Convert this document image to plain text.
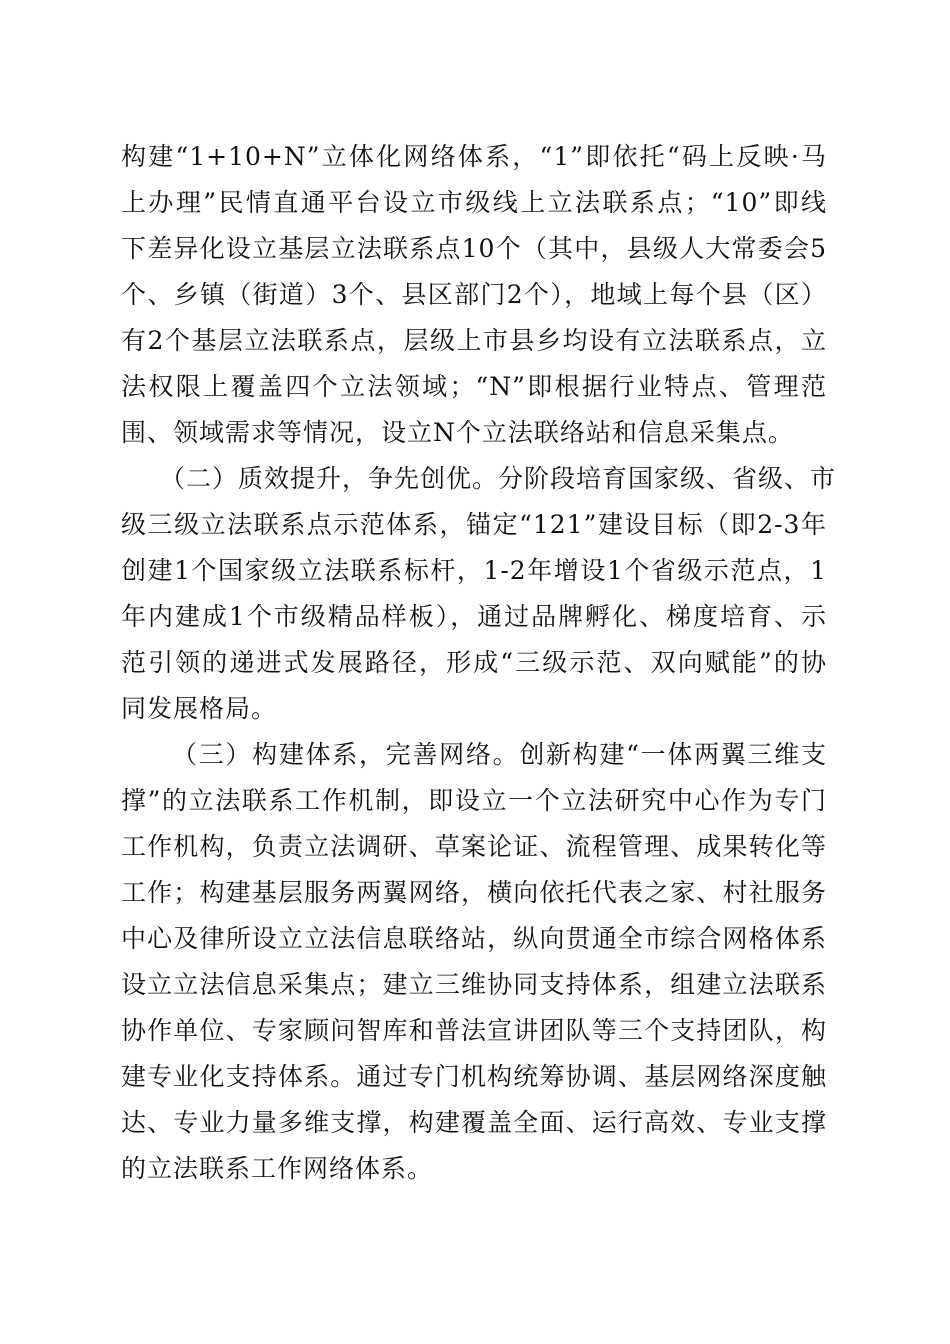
构建“1+10+N”立体化网络体系，“1”即依托“码上反映·马
上办理”民情直通平台设立市级线上立法联系点；“10”即线
下差异化设立基层立法联系点10个（其中，县级人大常委会5
个、乡镇（街道）3个、县区部门2个），地域上每个县（区）
有2个基层立法联系点，层级上市县乡均设有立法联系点，立
法权限上覆盖四个立法领域；“N”即根据行业特点、管理范
围、领域需求等情况，设立N个立法联络站和信息采集点。
（二）质效提升，争先创优。分阶段培育国家级、省级、市
级三级立法联系点示范体系，锚定“121”建设目标（即2-3年
创建1个国家级立法联系标杆，1-2年增设1个省级示范点，1
年内建成1个市级精品样板），通过品牌孵化、梯度培育、示
范引领的递进式发展路径，形成“三级示范、双向赋能”的协
同发展格局。
（三）构建体系，完善网络。创新构建“一体两翼三维支
撑”的立法联系工作机制，即设立一个立法研究中心作为专门
工作机构，负责立法调研、草案论证、流程管理、成果转化等
工作；构建基层服务两翼网络，横向依托代表之家、村社服务
中心及律所设立立法信息联络站，纵向贯通全市综合网格体系
设立立法信息采集点；建立三维协同支持体系，组建立法联系
协作单位、专家顾问智库和普法宣讲团队等三个支持团队，构
建专业化支持体系。通过专门机构统筹协调、基层网络深度触
达、专业力量多维支撑，构建覆盖全面、运行高效、专业支撑
的立法联系工作网络体系。
